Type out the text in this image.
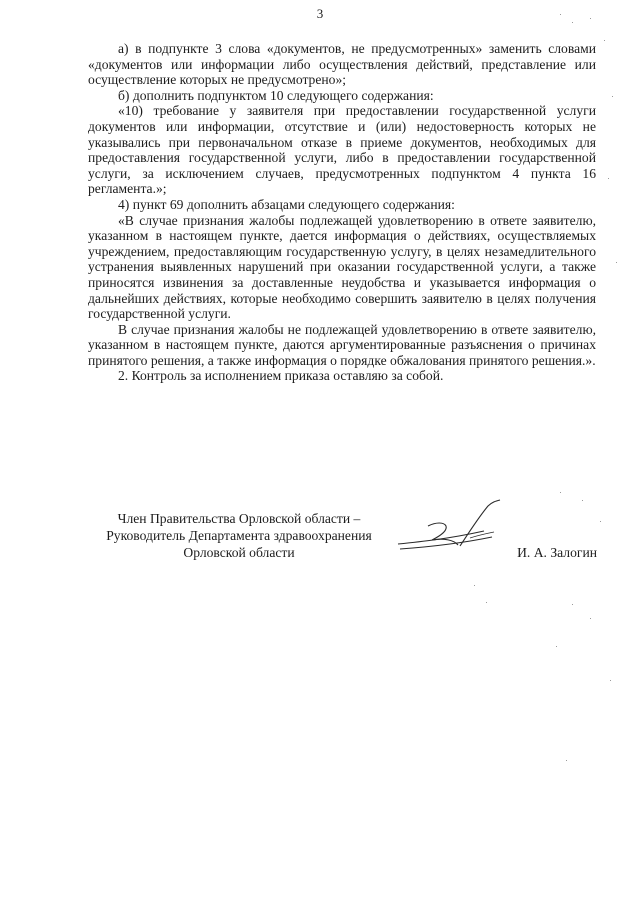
3

а) в подпункте 3 слова «документов, не предусмотренных» заменить словами «документов или информации либо осуществления действий, представление или осуществление которых не предусмотрено»;

б) дополнить подпунктом 10 следующего содержания:

«10) требование у заявителя при предоставлении государственной услуги документов или информации, отсутствие и (или) недостоверность которых не указывались при первоначальном отказе в приеме документов, необходимых для предоставления государственной услуги, либо в предоставлении государственной услуги, за исключением случаев, предусмотренных подпунктом 4 пункта 16 регламента.»;

4) пункт 69 дополнить абзацами следующего содержания:

«В случае признания жалобы подлежащей удовлетворению в ответе заявителю, указанном в настоящем пункте, дается информация о действиях, осуществляемых учреждением, предоставляющим государственную услугу, в целях незамедлительного устранения выявленных нарушений при оказании государственной услуги, а также приносятся извинения за доставленные неудобства и указывается информация о дальнейших действиях, которые необходимо совершить заявителю в целях получения государственной услуги.

В случае признания жалобы не подлежащей удовлетворению в ответе заявителю, указанном в настоящем пункте, даются аргументированные разъяснения о причинах принятого решения, а также информация о порядке обжалования принятого решения.».

2. Контроль за исполнением приказа оставляю за собой.

Член Правительства Орловской области –
Руководитель Департамента здравоохранения
Орловской области	И. А. Залогин
